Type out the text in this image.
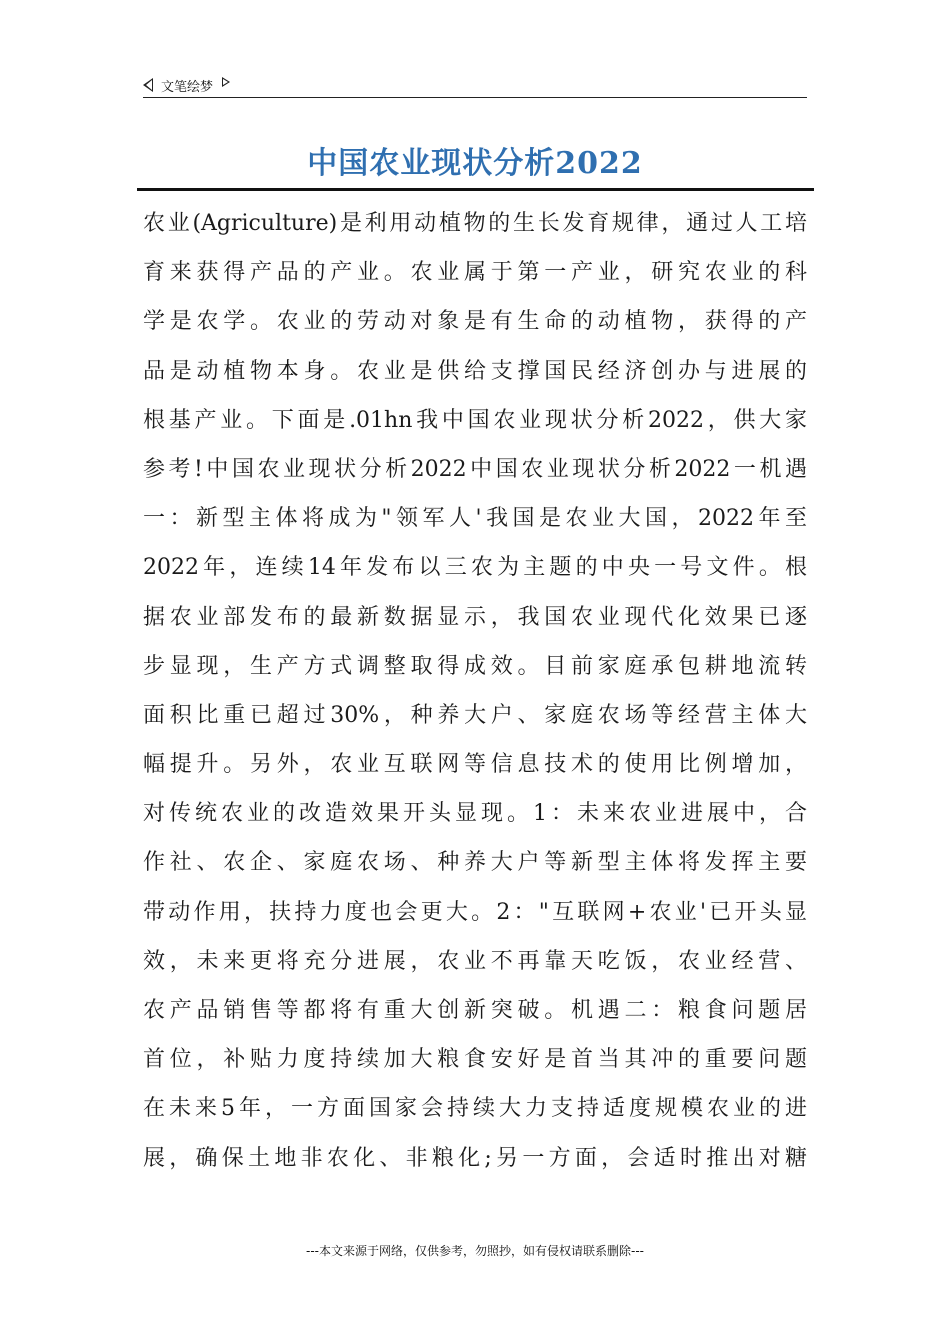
文笔绘梦
中国农业现状分析2022
农业(Agriculture)是利用动植物的生长发育规律，通过人工培
育来获得产品的产业。农业属于第一产业，研究农业的科
学是农学。农业的劳动对象是有生命的动植物，获得的产
品是动植物本身。农业是供给支撑国民经济创办与进展的
根基产业。下面是.01hn我中国农业现状分析2022，供大家
参考!中国农业现状分析2022中国农业现状分析2022一机遇
一：新型主体将成为"领军人'我国是农业大国，2022年至
2022年，连续14年发布以三农为主题的中央一号文件。根
据农业部发布的最新数据显示，我国农业现代化效果已逐
步显现，生产方式调整取得成效。目前家庭承包耕地流转
面积比重已超过30%，种养大户、家庭农场等经营主体大
幅提升。另外，农业互联网等信息技术的使用比例增加，
对传统农业的改造效果开头显现。1：未来农业进展中，合
作社、农企、家庭农场、种养大户等新型主体将发挥主要
带动作用，扶持力度也会更大。2："互联网+农业'已开头显
效，未来更将充分进展，农业不再靠天吃饭，农业经营、
农产品销售等都将有重大创新突破。机遇二：粮食问题居
首位，补贴力度持续加大粮食安好是首当其冲的重要问题
在未来5年，一方面国家会持续大力支持适度规模农业的进
展，确保土地非农化、非粮化;另一方面，会适时推出对糖
---本文来源于网络，仅供参考，勿照抄，如有侵权请联系删除---
